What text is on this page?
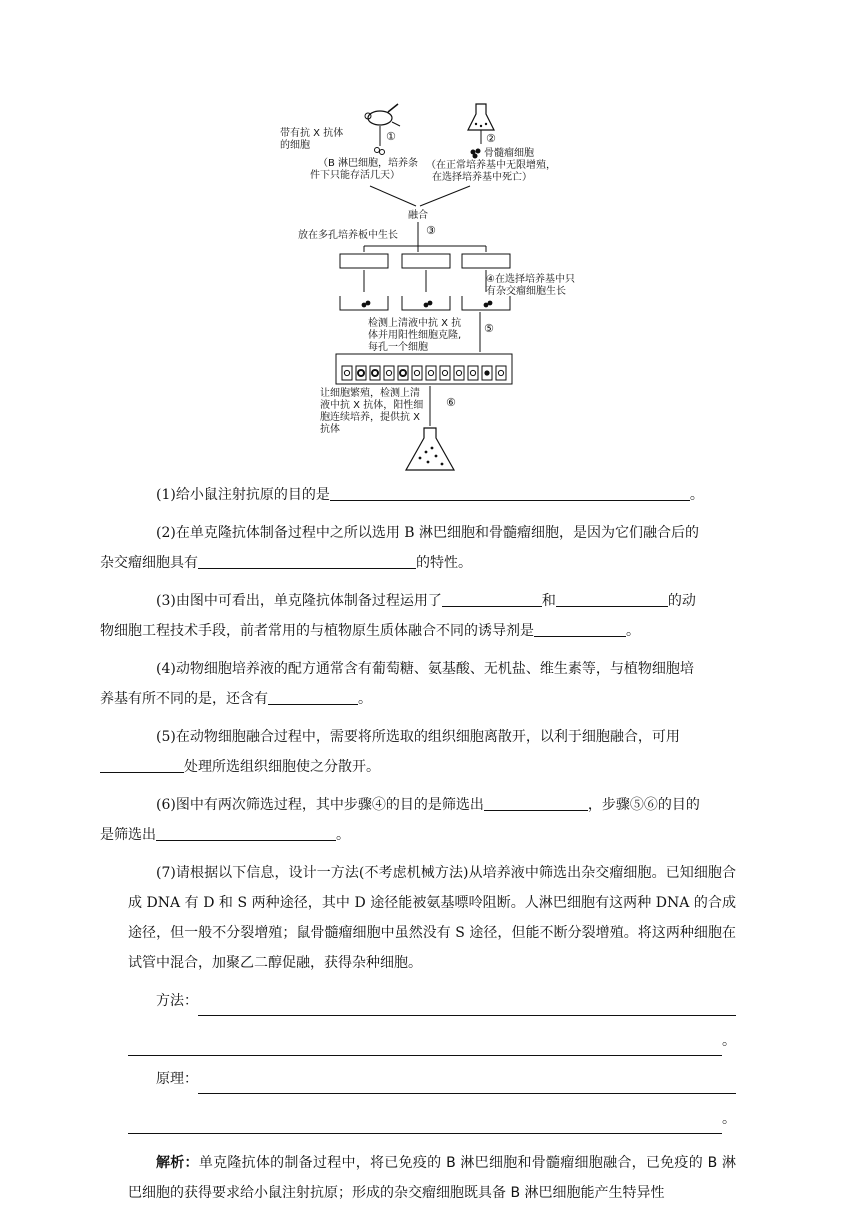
①
带有抗 X 抗体的细胞
（B 淋巴细胞，培养条件下只能存活几天）
②
骨髓瘤细胞
（在正常培养基中无限增殖，在选择培养基中死亡）
融合
③
放在多孔培养板中生长
④在选择培养基中只有杂交瘤细胞生长
检测上清液中抗 X 抗体并用阳性细胞克隆,每孔一个细胞
⑤
让细胞繁殖，检测上清液中抗 X 抗体，阳性细胞连续培养，提供抗 X 抗体
⑥
(1)给小鼠注射抗原的目的是	。
(2)在单克隆抗体制备过程中之所以选用 B 淋巴细胞和骨髓瘤细胞，是因为它们融合后的
杂交瘤细胞具有	的特性。
(3)由图中可看出，单克隆抗体制备过程运用了	和	的动
物细胞工程技术手段，前者常用的与植物原生质体融合不同的诱导剂是	。
(4)动物细胞培养液的配方通常含有葡萄糖、氨基酸、无机盐、维生素等，与植物细胞培
养基有所不同的是，还含有	。
(5)在动物细胞融合过程中，需要将所选取的组织细胞离散开，以利于细胞融合，可用
处理所选组织细胞使之分散开。
(6)图中有两次筛选过程，其中步骤④的目的是筛选出	，步骤⑤⑥的目的
是筛选出	。
(7)请根据以下信息，设计一方法(不考虑机械方法)从培养液中筛选出杂交瘤细胞。已知细胞合成 DNA 有 D 和 S 两种途径，其中 D 途径能被氨基嘌呤阻断。人淋巴细胞有这两种 DNA 的合成途径，但一般不分裂增殖；鼠骨髓瘤细胞中虽然没有 S 途径，但能不断分裂增殖。将这两种细胞在试管中混合，加聚乙二醇促融，获得杂种细胞。
方法：
。
原理：
。
解析：单克隆抗体的制备过程中，将已免疫的 B 淋巴细胞和骨髓瘤细胞融合，已免疫的 B 淋巴细胞的获得要求给小鼠注射抗原；形成的杂交瘤细胞既具备 B 淋巴细胞能产生特异性
